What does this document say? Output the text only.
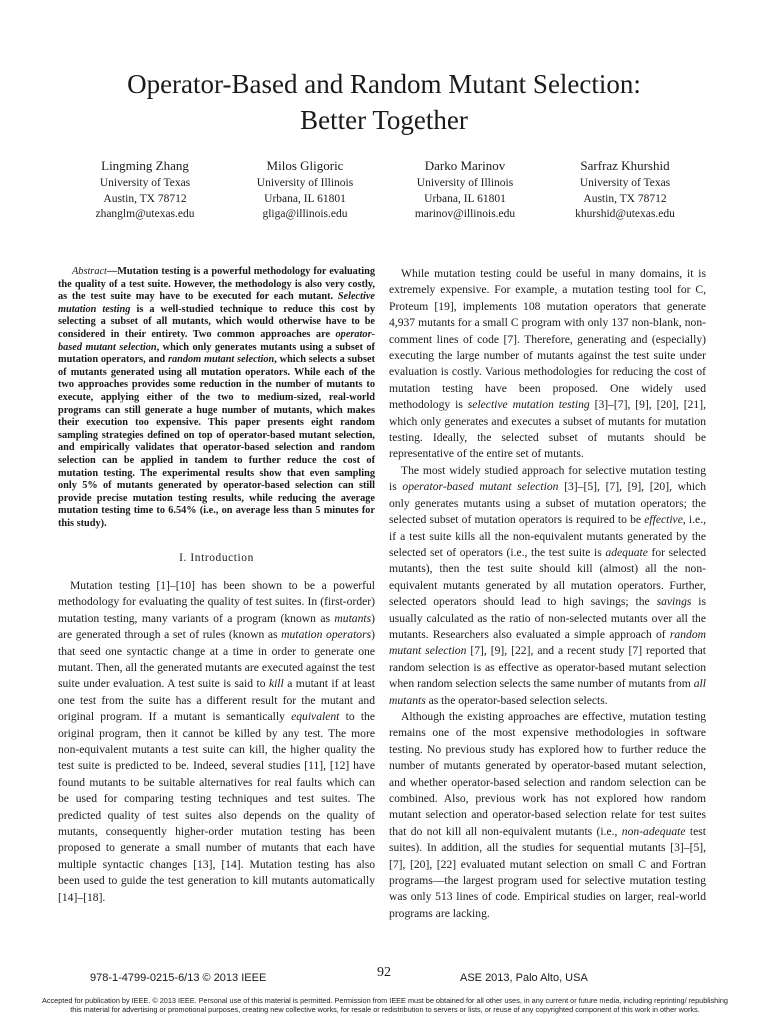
Operator-Based and Random Mutant Selection:
Better Together
Lingming Zhang
University of Texas
Austin, TX 78712
zhanglm@utexas.edu
Milos Gligoric
University of Illinois
Urbana, IL 61801
gliga@illinois.edu
Darko Marinov
University of Illinois
Urbana, IL 61801
marinov@illinois.edu
Sarfraz Khurshid
University of Texas
Austin, TX 78712
khurshid@utexas.edu

Abstract—Mutation testing is a powerful methodology for evaluating the quality of a test suite. However, the methodology is also very costly, as the test suite may have to be executed for each mutant. Selective mutation testing is a well-studied technique to reduce this cost by selecting a subset of all mutants, which would otherwise have to be considered in their entirety. Two common approaches are operator-based mutant selection, which only generates mutants using a subset of mutation operators, and random mutant selection, which selects a subset of mutants generated using all mutation operators. While each of the two approaches provides some reduction in the number of mutants to execute, applying either of the two to medium-sized, real-world programs can still generate a huge number of mutants, which makes their execution too expensive. This paper presents eight random sampling strategies defined on top of operator-based mutant selection, and empirically validates that operator-based selection and random selection can be applied in tandem to further reduce the cost of mutation testing. The experimental results show that even sampling only 5% of mutants generated by operator-based selection can still provide precise mutation testing results, while reducing the average mutation testing time to 6.54% (i.e., on average less than 5 minutes for this study).

I. Introduction

Mutation testing [1]–[10] has been shown to be a powerful methodology for evaluating the quality of test suites. In (first-order) mutation testing, many variants of a program (known as mutants) are generated through a set of rules (known as mutation operators) that seed one syntactic change at a time in order to generate one mutant. Then, all the generated mutants are executed against the test suite under evaluation. A test suite is said to kill a mutant if at least one test from the suite has a different result for the mutant and original program. If a mutant is semantically equivalent to the original program, then it cannot be killed by any test. The more non-equivalent mutants a test suite can kill, the higher quality the test suite is predicted to be. Indeed, several studies [11], [12] have found mutants to be suitable alternatives for real faults which can be used for comparing testing techniques and test suites. The predicted quality of test suites also depends on the quality of mutants, consequently higher-order mutation testing has been proposed to generate a small number of mutants that each have multiple syntactic changes [13], [14]. Mutation testing has also been used to guide the test generation to kill mutants automatically [14]–[18].

While mutation testing could be useful in many domains, it is extremely expensive. For example, a mutation testing tool for C, Proteum [19], implements 108 mutation operators that generate 4,937 mutants for a small C program with only 137 non-blank, non-comment lines of code [7]. Therefore, generating and (especially) executing the large number of mutants against the test suite under evaluation is costly. Various methodologies for reducing the cost of mutation testing have been proposed. One widely used methodology is selective mutation testing [3]–[7], [9], [20], [21], which only generates and executes a subset of mutants for mutation testing. Ideally, the selected subset of mutants should be representative of the entire set of mutants.

The most widely studied approach for selective mutation testing is operator-based mutant selection [3]–[5], [7], [9], [20], which only generates mutants using a subset of mutation operators; the selected subset of mutation operators is required to be effective, i.e., if a test suite kills all the non-equivalent mutants generated by the selected set of operators (i.e., the test suite is adequate for selected mutants), then the test suite should kill (almost) all the non-equivalent mutants generated by all mutation operators. Further, selected operators should lead to high savings; the savings is usually calculated as the ratio of non-selected mutants over all the mutants. Researchers also evaluated a simple approach of random mutant selection [7], [9], [22], and a recent study [7] reported that random selection is as effective as operator-based mutant selection when random selection selects the same number of mutants from all mutants as the operator-based selection selects.

Although the existing approaches are effective, mutation testing remains one of the most expensive methodologies in software testing. No previous study has explored how to further reduce the number of mutants generated by operator-based mutant selection, and whether operator-based selection and random selection can be combined. Also, previous work has not explored how random mutant selection and operator-based selection relate for test suites that do not kill all non-equivalent mutants (i.e., non-adequate test suites). In addition, all the studies for sequential mutants [3]–[5], [7], [20], [22] evaluated mutant selection on small C and Fortran programs—the largest program used for selective mutation testing was only 513 lines of code. Empirical studies on larger, real-world programs are lacking.

978-1-4799-0215-6/13 © 2013 IEEE	92	ASE 2013, Palo Alto, USA
Accepted for publication by IEEE. © 2013 IEEE. Personal use of this material is permitted. Permission from IEEE must be obtained for all other uses, in any current or future media, including reprinting/ republishing this material for advertising or promotional purposes, creating new collective works, for resale or redistribution to servers or lists, or reuse of any copyrighted component of this work in other works.
